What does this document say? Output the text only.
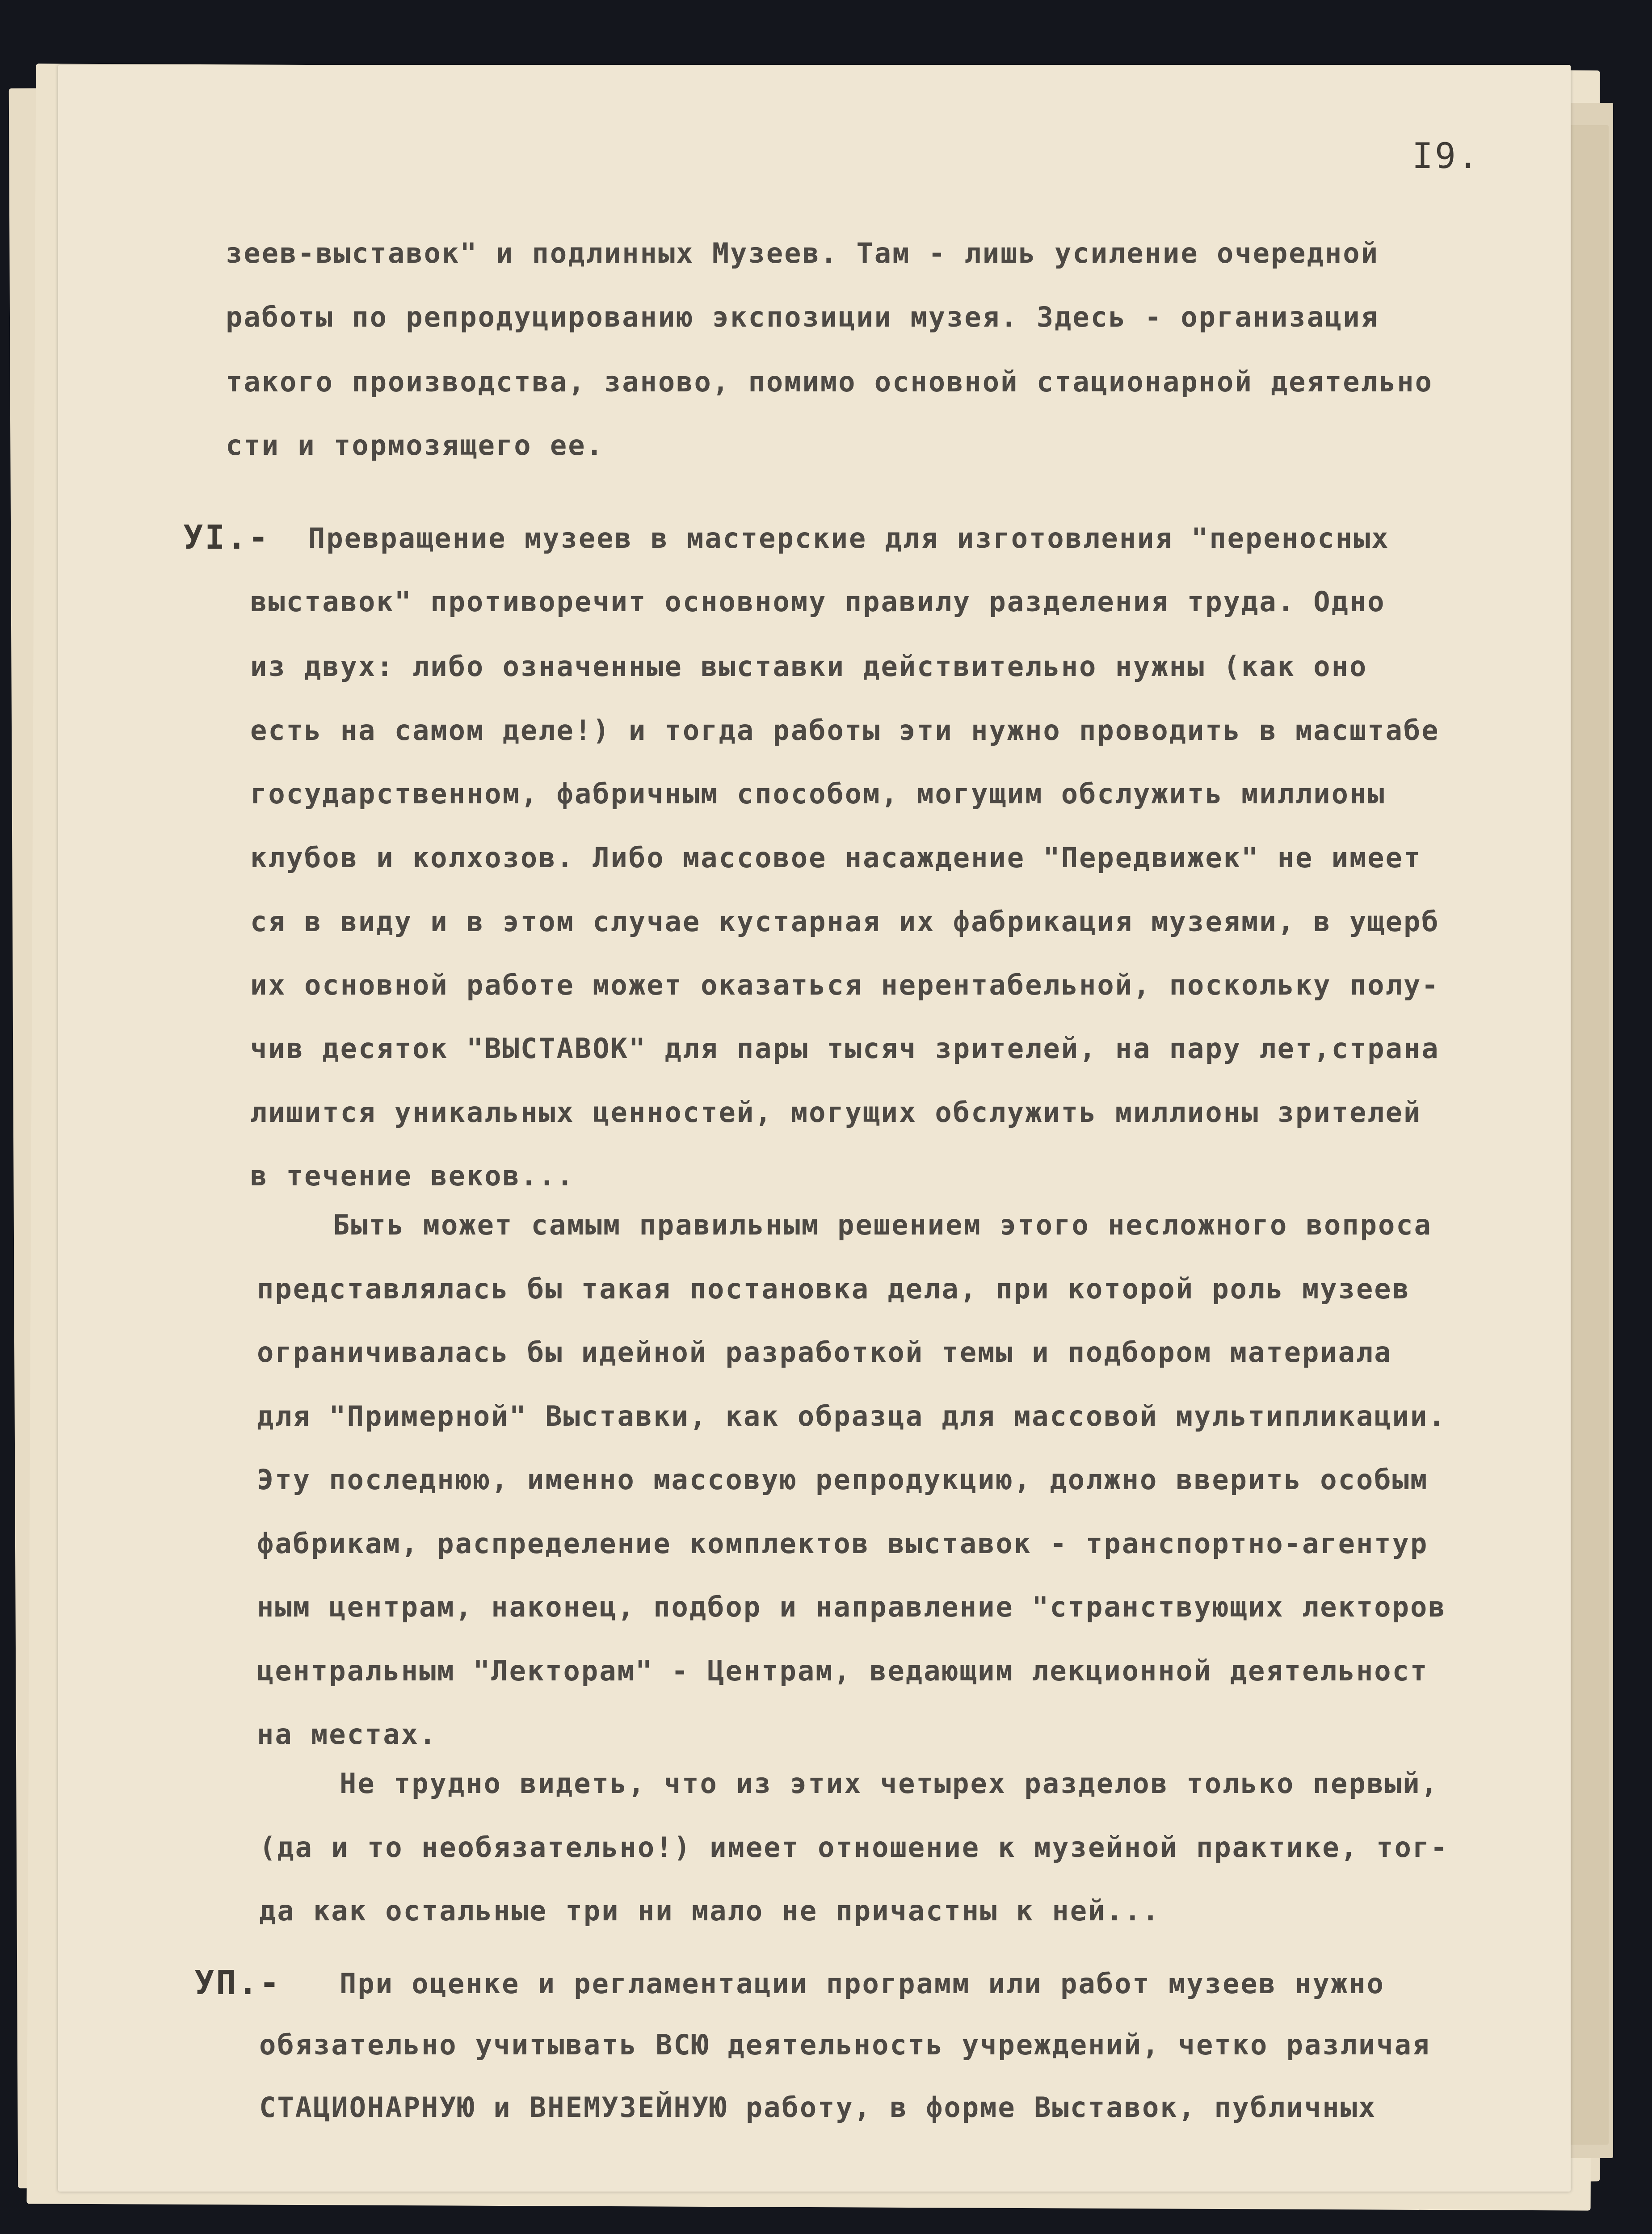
I9.
зеев-выставок" и подлинных Музеев. Там - лишь усиление очередной
работы по репродуцированию экспозиции музея. Здесь - организация
такого производства, заново, помимо основной стационарной деятельно
сти и тормозящего ее.
УI.- Превращение музеев в мастерские для изготовления "переносных
выставок" противоречит основному правилу разделения труда. Одно
из двух: либо означенные выставки действительно нужны (как оно
есть на самом деле!) и тогда работы эти нужно проводить в масштабе
государственном, фабричным способом, могущим обслужить миллионы
клубов и колхозов. Либо массовое насаждение "Передвижек" не имеет
ся в виду и в этом случае кустарная их фабрикация музеями, в ущерб
их основной работе может оказаться нерентабельной, поскольку полу-
чив десяток "ВЫСТАВОК" для пары тысяч зрителей, на пару лет,страна
лишится уникальных ценностей, могущих обслужить миллионы зрителей
в течение веков...
Быть может самым правильным решением этого несложного вопроса
представлялась бы такая постановка дела, при которой роль музеев
ограничивалась бы идейной разработкой темы и подбором материала
для "Примерной" Выставки, как образца для массовой мультипликации.
Эту последнюю, именно массовую репродукцию, должно вверить особым
фабрикам, распределение комплектов выставок - транспортно-агентур
ным центрам, наконец, подбор и направление "странствующих лекторов
центральным "Лекторам" - Центрам, ведающим лекционной деятельност
на местах.
Не трудно видеть, что из этих четырех разделов только первый,
(да и то необязательно!) имеет отношение к музейной практике, тог-
да как остальные три ни мало не причастны к ней...
УП.- При оценке и регламентации программ или работ музеев нужно
обязательно учитывать ВСЮ деятельность учреждений, четко различая
СТАЦИОНАРНУЮ и ВНЕМУЗЕЙНУЮ работу, в форме Выставок, публичных
